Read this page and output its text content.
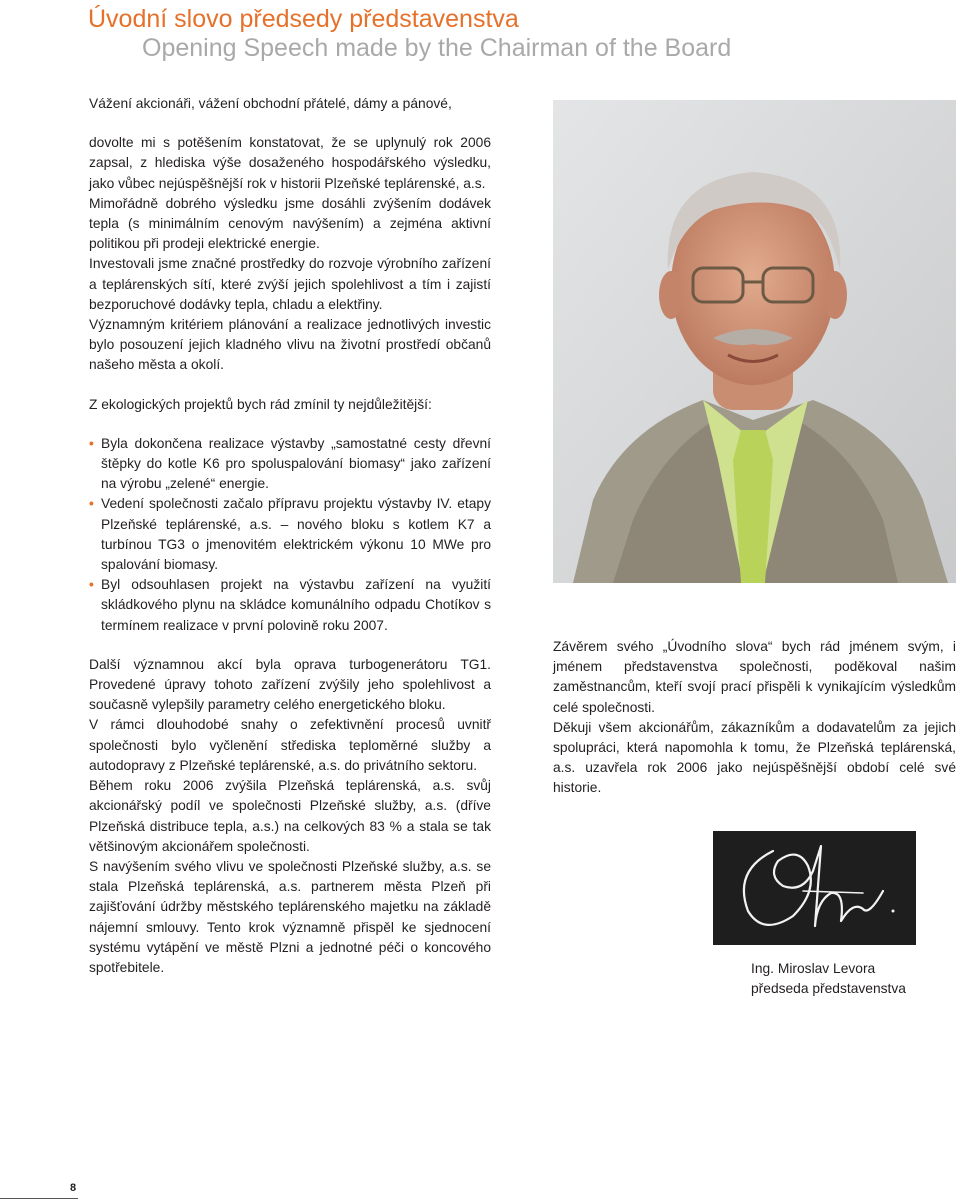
Úvodní slovo předsedy představenstva
Opening Speech made by the Chairman of the Board

Vážení akcionáři, vážení obchodní přátelé, dámy a pánové,

dovolte mi s potěšením konstatovat, že se uplynulý rok 2006 zapsal, z hlediska výše dosaženého hospodářského výsledku, jako vůbec nejúspěšnější rok v historii Plzeňské teplárenské, a.s.

Mimořádně dobrého výsledku jsme dosáhli zvýšením dodávek tepla (s minimálním cenovým navýšením) a zejména aktivní politikou při prodeji elektrické energie.

Investovali jsme značné prostředky do rozvoje výrobního zařízení a teplárenských sítí, které zvýší jejich spolehlivost a tím i zajistí bezporuchové dodávky tepla, chladu a elektřiny.

Významným kritériem plánování a realizace jednotlivých investic bylo posouzení jejich kladného vlivu na životní prostředí občanů našeho města a okolí.

Z ekologických projektů bych rád zmínil ty nejdůležitější:

• Byla dokončena realizace výstavby „samostatné cesty dřevní štěpky do kotle K6 pro spoluspalování biomasy“ jako zařízení na výrobu „zelené“ energie.
• Vedení společnosti začalo přípravu projektu výstavby IV. etapy Plzeňské teplárenské, a.s. – nového bloku s kotlem K7 a turbínou TG3 o jmenovitém elektrickém výkonu 10 MWe pro spalování biomasy.
• Byl odsouhlasen projekt na výstavbu zařízení na využití skládkového plynu na skládce komunálního odpadu Chotíkov s termínem realizace v první polovině roku 2007.

Další významnou akcí byla oprava turbogenerátoru TG1. Provedené úpravy tohoto zařízení zvýšily jeho spolehlivost a současně vylepšily parametry celého energetického bloku.

V rámci dlouhodobé snahy o zefektivnění procesů uvnitř společnosti bylo vyčlenění střediska teploměrné služby a autodopravy z Plzeňské teplárenské, a.s. do privátního sektoru.

Během roku 2006 zvýšila Plzeňská teplárenská, a.s. svůj akcionářský podíl ve společnosti Plzeňské služby, a.s. (dříve Plzeňská distribuce tepla, a.s.) na celkových 83 % a stala se tak většinovým akcionářem společnosti.

S navýšením svého vlivu ve společnosti Plzeňské služby, a.s. se stala Plzeňská teplárenská, a.s. partnerem města Plzeň při zajišťování údržby městského teplárenského majetku na základě nájemní smlouvy. Tento krok významně přispěl ke sjednocení systému vytápění ve městě Plzni a jednotné péči o koncového spotřebitele.

Závěrem svého „Úvodního slova“ bych rád jménem svým, i jménem představenstva společnosti, poděkoval našim zaměstnancům, kteří svojí prací přispěli k vynikajícím výsledkům celé společnosti.

Děkuji všem akcionářům, zákazníkům a dodavatelům za jejich spolupráci, která napomohla k tomu, že Plzeňská teplárenská, a.s. uzavřela rok 2006 jako nejúspěšnější období celé své historie.

Ing. Miroslav Levora
předseda představenstva
8
